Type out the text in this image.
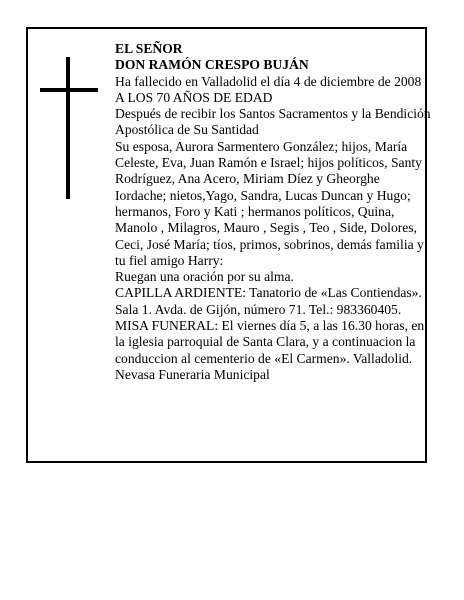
EL SEÑOR

DON RAMÓN CRESPO BUJÁN

Ha fallecido en Valladolid el día 4 de diciembre de 2008

A LOS 70 AÑOS DE EDAD

Después de recibir los Santos Sacramentos y la Bendición Apostólica de Su Santidad

Su esposa, Aurora Sarmentero González; hijos, María Celeste, Eva, Juan Ramón e Israel; hijos políticos, Santy Rodríguez, Ana Acero, Miriam Díez y Gheorghe Iordache; nietos,Yago, Sandra, Lucas Duncan y Hugo; hermanos, Foro y Kati ; hermanos políticos, Quina, Manolo , Milagros, Mauro , Segis , Teo , Side, Dolores, Ceci, José María; tíos, primos, sobrinos, demás familia y tu fiel amigo Harry:

Ruegan una oración por su alma.

CAPILLA ARDIENTE: Tanatorio de «Las Contiendas». Sala 1. Avda. de Gijón, número 71. Tel.: 983360405.

MISA FUNERAL: El viernes día 5, a las 16.30 horas, en la iglesia parroquial de Santa Clara, y a continuacion la conduccion al cementerio de «El Carmen». Valladolid.

Nevasa Funeraria Municipal
